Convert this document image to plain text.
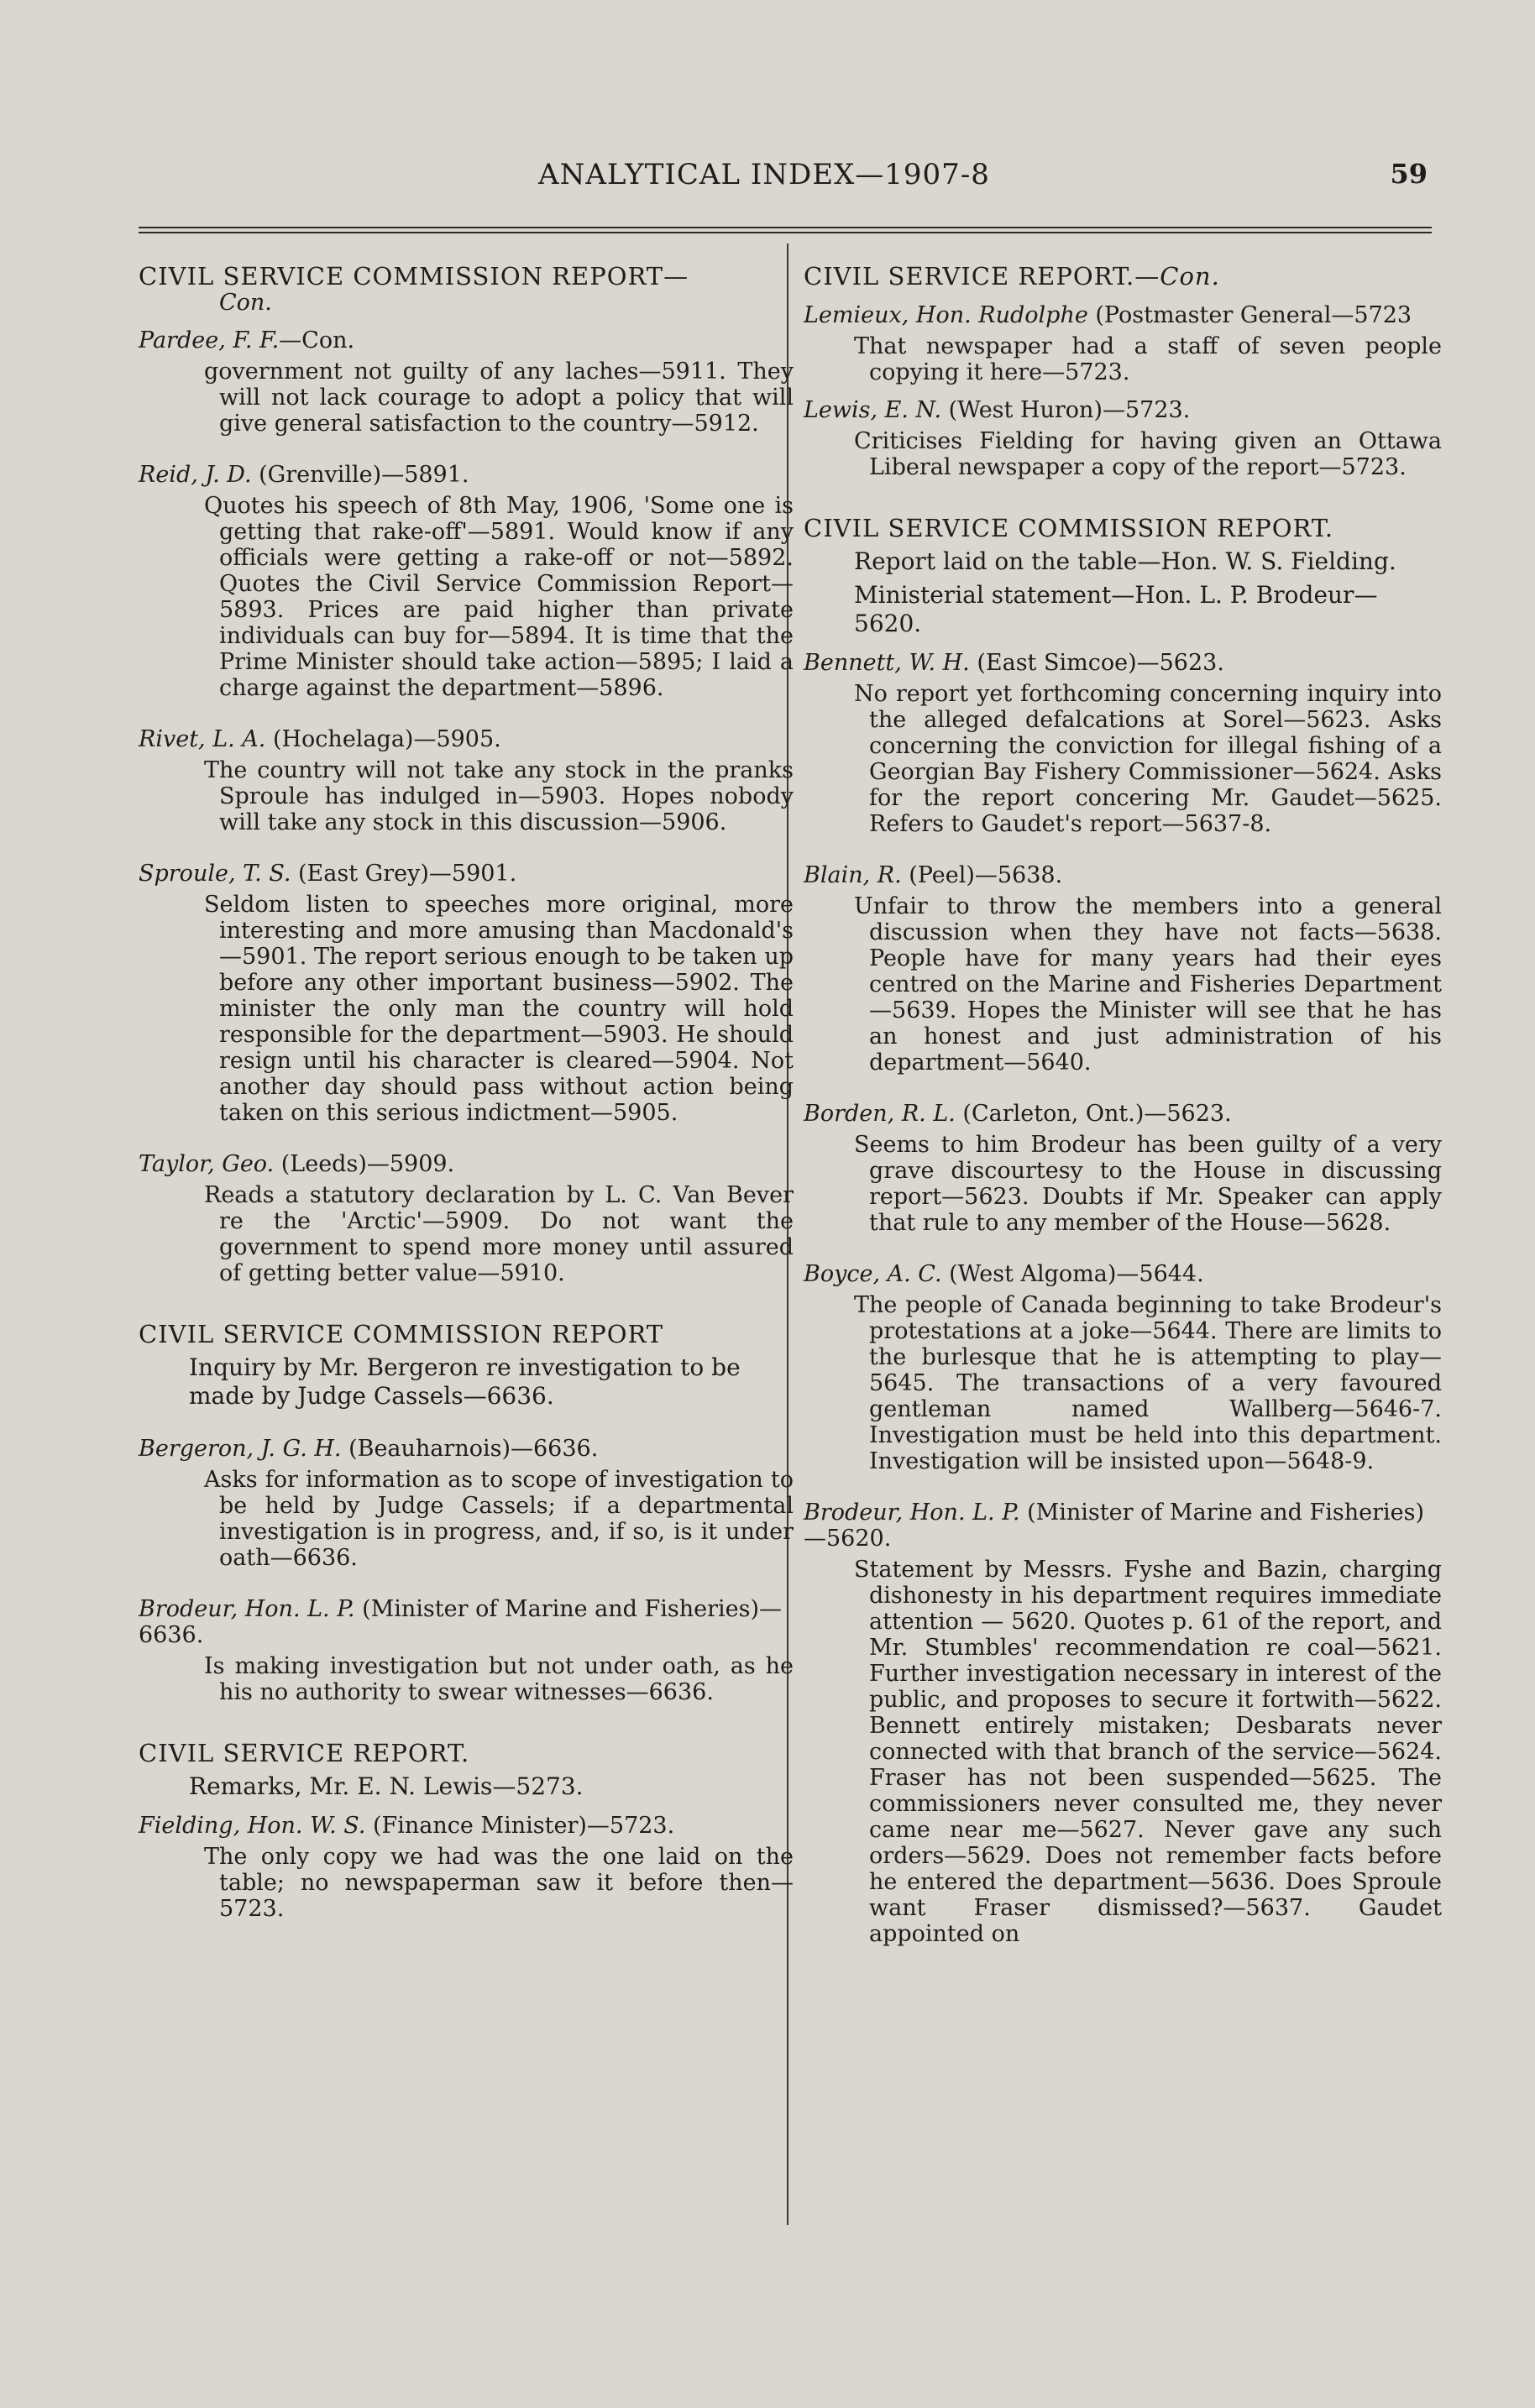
ANALYTICAL INDEX—1907-8	59

CIVIL SERVICE COMMISSION REPORT—

Con.

Pardee, F. F.—Con.

government not guilty of any laches—5911. They will not lack courage to adopt a policy that will give general satisfaction to the country—5912.

Reid, J. D. (Grenville)—5891.

Quotes his speech of 8th May, 1906, 'Some one is getting that rake-off'—5891. Would know if any officials were getting a rake-off or not—5892. Quotes the Civil Service Commission Report—5893. Prices are paid higher than private individuals can buy for—5894. It is time that the Prime Minister should take action—5895; I laid a charge against the department—5896.

Rivet, L. A. (Hochelaga)—5905.

The country will not take any stock in the pranks Sproule has indulged in—5903. Hopes nobody will take any stock in this discussion—5906.

Sproule, T. S. (East Grey)—5901.

Seldom listen to speeches more original, more interesting and more amusing than Macdonald's—5901. The report serious enough to be taken up before any other important business—5902. The minister the only man the country will hold responsible for the department—5903. He should resign until his character is cleared—5904. Not another day should pass without action being taken on this serious indictment—5905.

Taylor, Geo. (Leeds)—5909.

Reads a statutory declaration by L. C. Van Bever re the 'Arctic'—5909. Do not want the government to spend more money until assured of getting better value—5910.

CIVIL SERVICE COMMISSION REPORT

Inquiry by Mr. Bergeron re investigation to be made by Judge Cassels—6636.

Bergeron, J. G. H. (Beauharnois)—6636.

Asks for information as to scope of investigation to be held by Judge Cassels; if a departmental investigation is in progress, and, if so, is it under oath—6636.

Brodeur, Hon. L. P. (Minister of Marine and Fisheries)—6636.

Is making investigation but not under oath, as he his no authority to swear witnesses—6636.

CIVIL SERVICE REPORT.

Remarks, Mr. E. N. Lewis—5273.

Fielding, Hon. W. S. (Finance Minister)—5723.

The only copy we had was the one laid on the table; no newspaperman saw it before then—5723.

CIVIL SERVICE REPORT.—Con.

Lemieux, Hon. Rudolphe (Postmaster General—5723

That newspaper had a staff of seven people copying it here—5723.

Lewis, E. N. (West Huron)—5723.

Criticises Fielding for having given an Ottawa Liberal newspaper a copy of the report—5723.

CIVIL SERVICE COMMISSION REPORT.

Report laid on the table—Hon. W. S. Fielding.

Ministerial statement—Hon. L. P. Brodeur—5620.

Bennett, W. H. (East Simcoe)—5623.

No report yet forthcoming concerning inquiry into the alleged defalcations at Sorel—5623. Asks concerning the conviction for illegal fishing of a Georgian Bay Fishery Commissioner—5624. Asks for the report concering Mr. Gaudet—5625. Refers to Gaudet's report—5637-8.

Blain, R. (Peel)—5638.

Unfair to throw the members into a general discussion when they have not facts—5638. People have for many years had their eyes centred on the Marine and Fisheries Department—5639. Hopes the Minister will see that he has an honest and just administration of his department—5640.

Borden, R. L. (Carleton, Ont.)—5623.

Seems to him Brodeur has been guilty of a very grave discourtesy to the House in discussing report—5623. Doubts if Mr. Speaker can apply that rule to any member of the House—5628.

Boyce, A. C. (West Algoma)—5644.

The people of Canada beginning to take Brodeur's protestations at a joke—5644. There are limits to the burlesque that he is attempting to play—5645. The transactions of a very favoured gentleman named Wallberg—5646-7. Investigation must be held into this department. Investigation will be insisted upon—5648-9.

Brodeur, Hon. L. P. (Minister of Marine and Fisheries)—5620.

Statement by Messrs. Fyshe and Bazin, charging dishonesty in his department requires immediate attention — 5620. Quotes p. 61 of the report, and Mr. Stumbles' recommendation re coal—5621. Further investigation necessary in interest of the public, and proposes to secure it fortwith—5622. Bennett entirely mistaken; Desbarats never connected with that branch of the service—5624. Fraser has not been suspended—5625. The commissioners never consulted me, they never came near me—5627. Never gave any such orders—5629. Does not remember facts before he entered the department—5636. Does Sproule want Fraser dismissed?—5637. Gaudet appointed on
